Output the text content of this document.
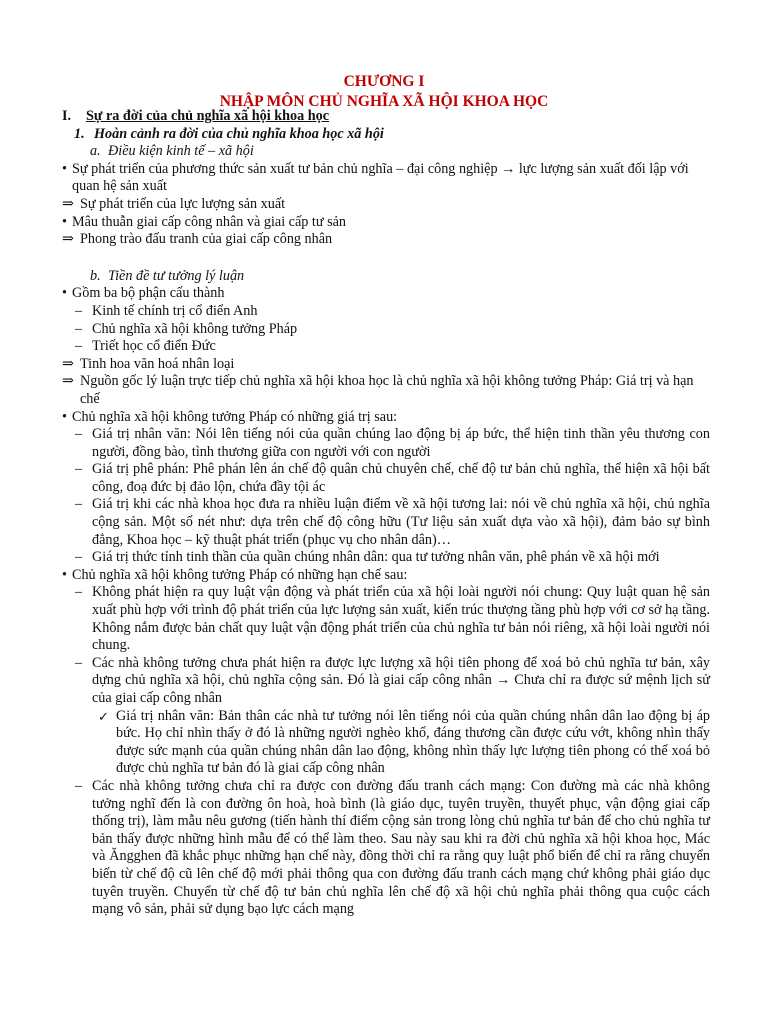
CHƯƠNG I
NHẬP MÔN CHỦ NGHĨA XÃ HỘI KHOA HỌC
I. Sự ra đời của chủ nghĩa xã hội khoa học
1. Hoàn cảnh ra đời của chủ nghĩa khoa học xã hội
a. Điều kiện kinh tế – xã hội
• Sự phát triển của phương thức sản xuất tư bản chủ nghĩa – đại công nghiệp → lực lượng sản xuất đối lập với quan hệ sản xuất
⇒ Sự phát triển của lực lượng sản xuất
• Mâu thuẫn giai cấp công nhân và giai cấp tư sản
⇒ Phong trào đấu tranh của giai cấp công nhân
b. Tiền đề tư tưởng lý luận
• Gồm ba bộ phận cấu thành
– Kinh tế chính trị cổ điển Anh
– Chủ nghĩa xã hội không tưởng Pháp
– Triết học cổ điển Đức
⇒ Tinh hoa văn hoá nhân loại
⇒ Nguồn gốc lý luận trực tiếp chủ nghĩa xã hội khoa học là chủ nghĩa xã hội không tưởng Pháp: Giá trị và hạn chế
• Chủ nghĩa xã hội không tưởng Pháp có những giá trị sau:
– Giá trị nhân văn: Nói lên tiếng nói của quần chúng lao động bị áp bức, thể hiện tinh thần yêu thương con người, đồng bào, tình thương giữa con người với con người
– Giá trị phê phán: Phê phán lên án chế độ quân chủ chuyên chế, chế độ tư bản chủ nghĩa, thể hiện xã hội bất công, đoạ đức bị đảo lộn, chứa đầy tội ác
– Giá trị khi các nhà khoa học đưa ra nhiều luận điểm về xã hội tương lai: nói về chủ nghĩa xã hội, chủ nghĩa cộng sản. Một số nét như: dựa trên chế độ công hữu (Tư liệu sản xuất dựa vào xã hội), đảm bảo sự bình đẳng, Khoa học – kỹ thuật phát triển (phục vụ cho nhân dân)…
– Giá trị thức tỉnh tinh thần của quần chúng nhân dân: qua tư tưởng nhân văn, phê phán về xã hội mới
• Chủ nghĩa xã hội không tưởng Pháp có những hạn chế sau:
– Không phát hiện ra quy luật vận động và phát triển của xã hội loài người nói chung: Quy luật quan hệ sản xuất phù hợp với trình độ phát triển của lực lượng sản xuất, kiến trúc thượng tầng phù hợp với cơ sở hạ tầng. Không nắm được bản chất quy luật vận động phát triển của chủ nghĩa tư bản nói riêng, xã hội loài người nói chung.
– Các nhà không tưởng chưa phát hiện ra được lực lượng xã hội tiên phong để xoá bỏ chủ nghĩa tư bản, xây dựng chủ nghĩa xã hội, chủ nghĩa cộng sản. Đó là giai cấp công nhân → Chưa chỉ ra được sứ mệnh lịch sử của giai cấp công nhân
✓ Giá trị nhân văn: Bản thân các nhà tư tưởng nói lên tiếng nói của quần chúng nhân dân lao động bị áp bức. Họ chỉ nhìn thấy ở đó là những người nghèo khổ, đáng thương cần được cứu vớt, không nhìn thấy được sức mạnh của quần chúng nhân dân lao động, không nhìn thấy lực lượng tiên phong có thể xoá bỏ được chủ nghĩa tư bản đó là giai cấp công nhân
– Các nhà không tưởng chưa chỉ ra được con đường đấu tranh cách mạng: Con đường mà các nhà không tưởng nghĩ đến là con đường ôn hoà, hoà bình (là giáo dục, tuyên truyền, thuyết phục, vận động giai cấp thống trị), làm mẫu nêu gương (tiến hành thí điểm cộng sản trong lòng chủ nghĩa tư bản để cho chủ nghĩa tư bản thấy được những hình mẫu để có thể làm theo. Sau này sau khi ra đời chủ nghĩa xã hội khoa học, Mác và Ăngghen đã khắc phục những hạn chế này, đồng thời chỉ ra rằng quy luật phổ biến để chỉ ra rằng chuyển biến từ chế độ cũ lên chế độ mới phải thông qua con đường đấu tranh cách mạng chứ không phải giáo dục tuyên truyền. Chuyển từ chế độ tư bản chủ nghĩa lên chế độ xã hội chủ nghĩa phải thông qua cuộc cách mạng vô sản, phải sử dụng bạo lực cách mạng
